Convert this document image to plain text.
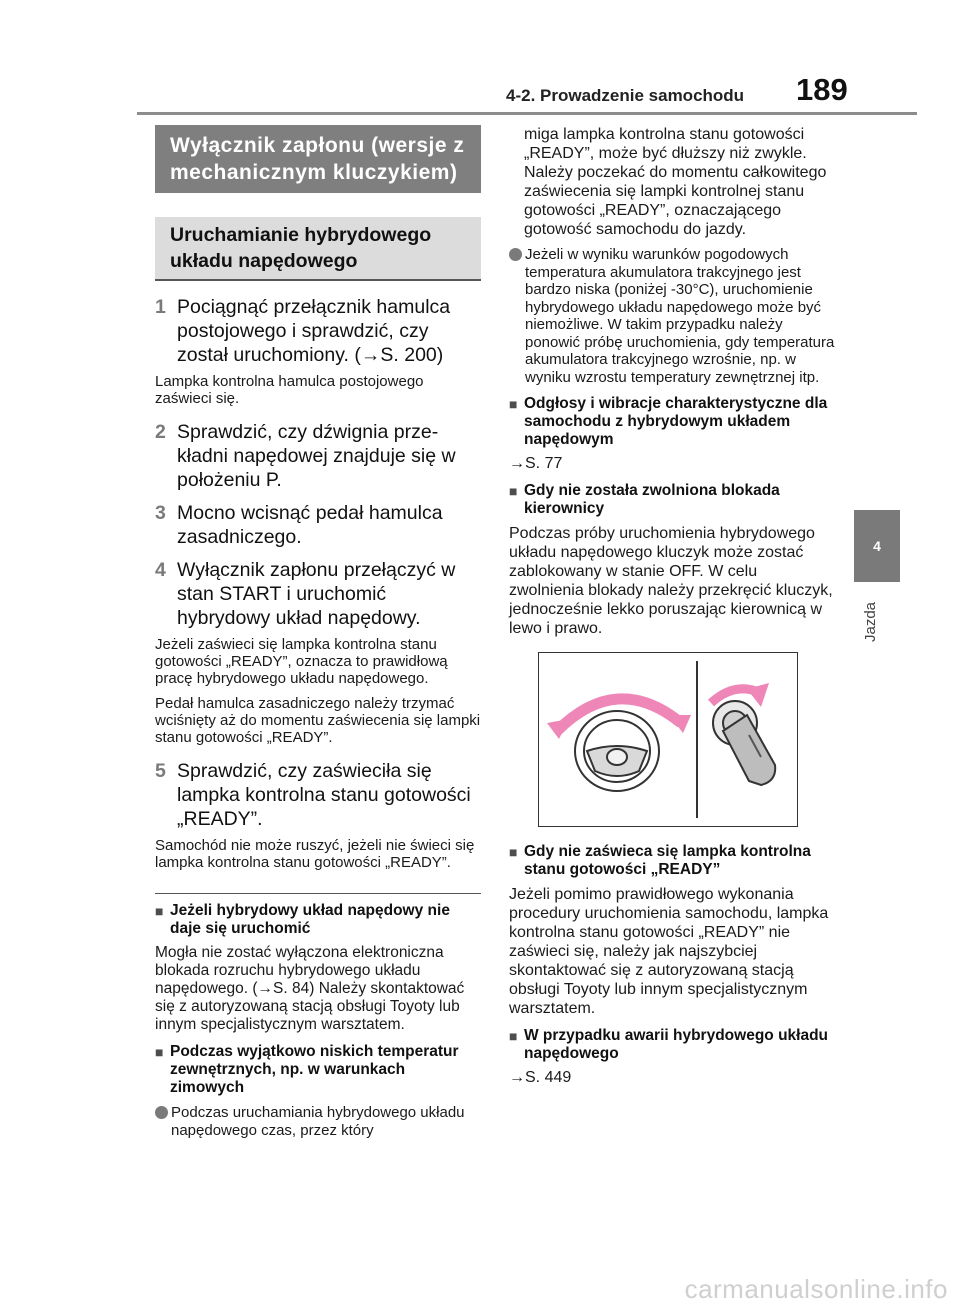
4-2. Prowadzenie samochodu 189
4
Jazda
Wyłącznik zapłonu (wersje z mechanicznym kluczykiem)
Uruchamianie hybrydowego układu napędowego
1 Pociągnąć przełącznik hamulca postojowego i sprawdzić, czy został uruchomiony. (→S. 200)
Lampka kontrolna hamulca postojowego zaświeci się.
2 Sprawdzić, czy dźwignia przekładni napędowej znajduje się w położeniu P.
3 Mocno wcisnąć pedał hamulca zasadniczego.
4 Wyłącznik zapłonu przełączyć w stan START i uruchomić hybrydowy układ napędowy.
Jeżeli zaświeci się lampka kontrolna stanu gotowości „READY”, oznacza to prawidłową pracę hybrydowego układu napędowego.
Pedał hamulca zasadniczego należy trzymać wciśnięty aż do momentu zaświecenia się lampki stanu gotowości „READY”.
5 Sprawdzić, czy zaświeciła się lampka kontrolna stanu gotowości „READY”.
Samochód nie może ruszyć, jeżeli nie świeci się lampka kontrolna stanu gotowości „READY”.
■ Jeżeli hybrydowy układ napędowy nie daje się uruchomić
Mogła nie zostać wyłączona elektroniczna blokada rozruchu hybrydowego układu napędowego. (→S. 84) Należy skontaktować się z autoryzowaną stacją obsługi Toyoty lub innym specjalistycznym warsztatem.
■ Podczas wyjątkowo niskich temperatur zewnętrznych, np. w warunkach zimowych
Podczas uruchamiania hybrydowego układu napędowego czas, przez który
miga lampka kontrolna stanu gotowości „READY”, może być dłuższy niż zwykle. Należy poczekać do momentu całkowitego zaświecenia się lampki kontrolnej stanu gotowości „READY”, oznaczającego gotowość samochodu do jazdy.
Jeżeli w wyniku warunków pogodowych temperatura akumulatora trakcyjnego jest bardzo niska (poniżej -30°C), uruchomienie hybrydowego układu napędowego może być niemożliwe. W takim przypadku należy ponowić próbę uruchomienia, gdy temperatura akumulatora trakcyjnego wzrośnie, np. w wyniku wzrostu temperatury zewnętrznej itp.
■ Odgłosy i wibracje charakterystyczne dla samochodu z hybrydowym układem napędowym
→S. 77
■ Gdy nie została zwolniona blokada kierownicy
Podczas próby uruchomienia hybrydowego układu napędowego kluczyk może zostać zablokowany w stanie OFF. W celu zwolnienia blokady należy przekręcić kluczyk, jednocześnie lekko poruszając kierownicą w lewo i prawo.
■ Gdy nie zaświeca się lampka kontrolna stanu gotowości „READY”
Jeżeli pomimo prawidłowego wykonania procedury uruchomienia samochodu, lampka kontrolna stanu gotowości „READY” nie zaświeci się, należy jak najszybciej skontaktować się z autoryzowaną stacją obsługi Toyoty lub innym specjalistycznym warsztatem.
■ W przypadku awarii hybrydowego układu napędowego
→S. 449
carmanualsonline.info
